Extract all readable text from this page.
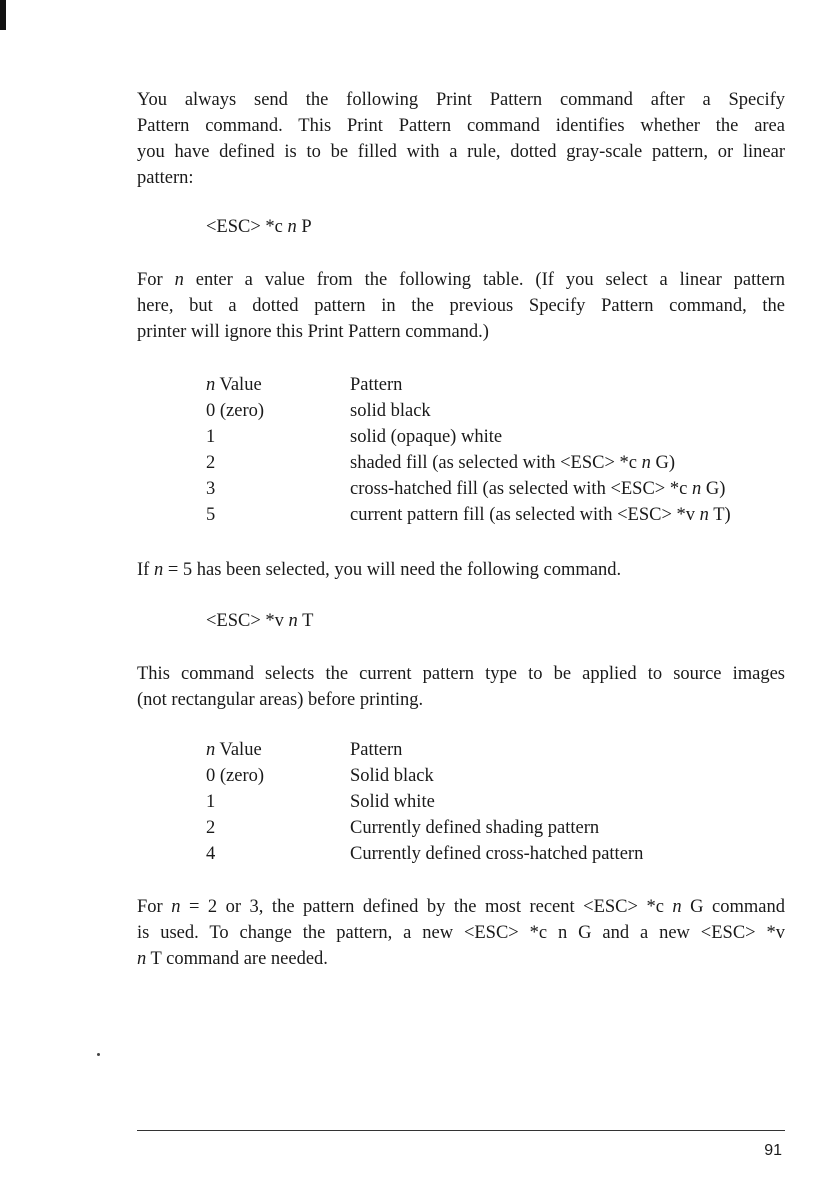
You always send the following Print Pattern command after a Specify
Pattern command. This Print Pattern command identifies whether the area
you have defined is to be filled with a rule, dotted gray-scale pattern, or linear
pattern:

<ESC> *c n P

For n enter a value from the following table. (If you select a linear pattern
here, but a dotted pattern in the previous Specify Pattern command, the
printer will ignore this Print Pattern command.)

n Value	Pattern
0 (zero)	solid black
1	solid (opaque) white
2	shaded fill (as selected with <ESC> *c n G)
3	cross-hatched fill (as selected with <ESC> *c n G)
5	current pattern fill (as selected with <ESC> *v n T)

If n = 5 has been selected, you will need the following command.

<ESC> *v n T

This command selects the current pattern type to be applied to source images
(not rectangular areas) before printing.

n Value	Pattern
0 (zero)	Solid black
1	Solid white
2	Currently defined shading pattern
4	Currently defined cross-hatched pattern

For n = 2 or 3, the pattern defined by the most recent <ESC> *c n G command
is used. To change the pattern, a new <ESC> *c n G and a new <ESC> *v
n T command are needed.

91
